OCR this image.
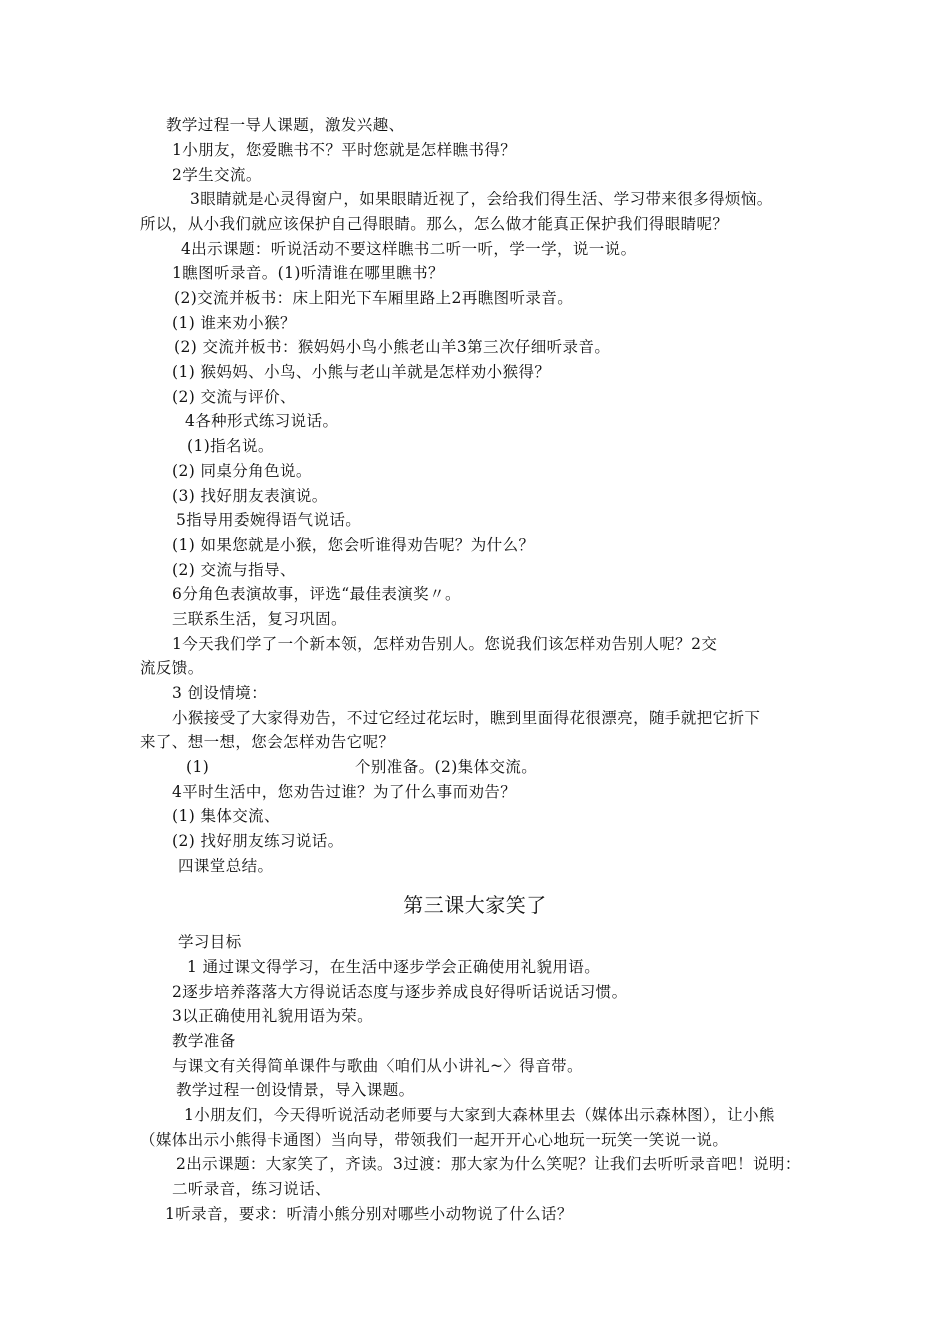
教学过程一导人课题，激发兴趣、
1小朋友，您爱瞧书不？平时您就是怎样瞧书得？
2学生交流。
3眼睛就是心灵得窗户，如果眼睛近视了，会给我们得生活、学习带来很多得烦恼。
所以，从小我们就应该保护自己得眼睛。那么，怎么做才能真正保护我们得眼睛呢？
4出示课题：听说活动不要这样瞧书二听一听，学一学，说一说。
1瞧图听录音。(1)听清谁在哪里瞧书？
(2)交流并板书：床上阳光下车厢里路上2再瞧图听录音。
(1) 谁来劝小猴？
(2) 交流并板书：猴妈妈小鸟小熊老山羊3第三次仔细听录音。
(1) 猴妈妈、小鸟、小熊与老山羊就是怎样劝小猴得？
(2) 交流与评价、
4各种形式练习说话。
(1)指名说。
(2) 同桌分角色说。
(3) 找好朋友表演说。
5指导用委婉得语气说话。
(1) 如果您就是小猴，您会听谁得劝告呢？为什么？
(2) 交流与指导、
6分角色表演故事，评选“最佳表演奖〃。
三联系生活，复习巩固。
1今天我们学了一个新本领，怎样劝告别人。您说我们该怎样劝告别人呢？2交
流反馈。
3 创设情境：
小猴接受了大家得劝告，不过它经过花坛时，瞧到里面得花很漂亮，随手就把它折下
来了、想一想，您会怎样劝告它呢？
(1)	个别准备。(2)集体交流。
4平时生活中，您劝告过谁？为了什么事而劝告？
(1) 集体交流、
(2) 找好朋友练习说话。
四课堂总结。
第三课大家笑了
学习目标
1 通过课文得学习，在生活中逐步学会正确使用礼貌用语。
2逐步培养落落大方得说话态度与逐步养成良好得听话说话习惯。
3以正确使用礼貌用语为荣。
教学准备
与课文有关得简单课件与歌曲〈咱们从小讲礼~〉得音带。
教学过程一创设情景，导入课题。
1小朋友们，今天得听说活动老师要与大家到大森林里去（媒体出示森林图），让小熊
（媒体出示小熊得卡通图）当向导，带领我们一起开开心心地玩一玩笑一笑说一说。
2出示课题：大家笑了，齐读。3过渡：那大家为什么笑呢？让我们去听听录音吧！说明：
二听录音，练习说话、
1听录音，要求：听清小熊分别对哪些小动物说了什么话？
